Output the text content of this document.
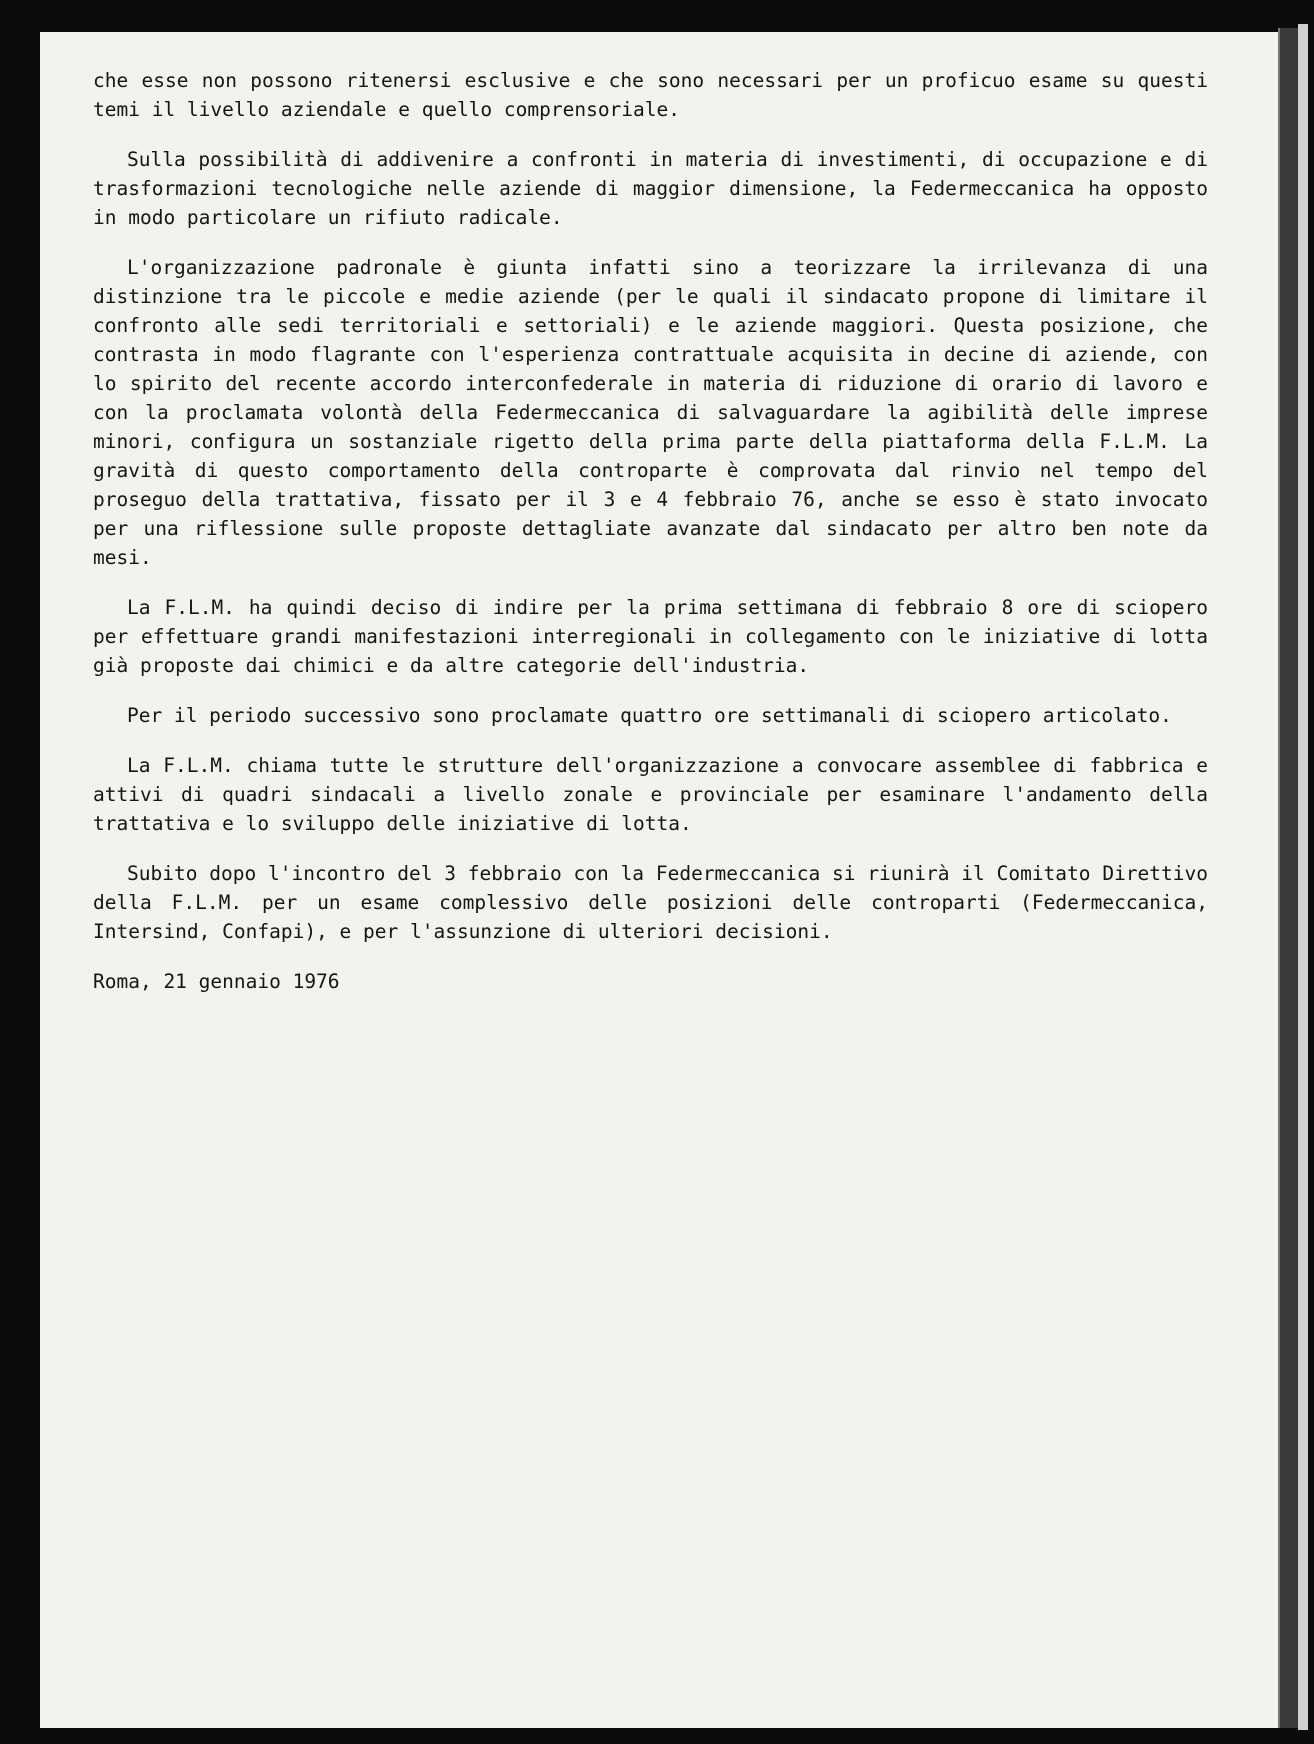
che esse non possono ritenersi esclusive e che sono necessari per un proficuo esame su questi temi il livello aziendale e quello comprensoriale.

Sulla possibilità di addivenire a confronti in materia di investimenti, di occupazione e di trasformazioni tecnologiche nelle aziende di maggior dimensione, la Federmeccanica ha opposto in modo particolare un rifiuto radicale.

L'organizzazione padronale è giunta infatti sino a teorizzare la irrilevanza di una distinzione tra le piccole e medie aziende (per le quali il sindacato propone di limitare il confronto alle sedi territoriali e settoriali) e le aziende maggiori. Questa posizione, che contrasta in modo flagrante con l'esperienza contrattuale acquisita in decine di aziende, con lo spirito del recente accordo interconfederale in materia di riduzione di orario di lavoro e con la proclamata volontà della Federmeccanica di salvaguardare la agibilità delle imprese minori, configura un sostanziale rigetto della prima parte della piattaforma della F.L.M. La gravità di questo comportamento della controparte è comprovata dal rinvio nel tempo del proseguo della trattativa, fissato per il 3 e 4 febbraio 76, anche se esso è stato invocato per una riflessione sulle proposte dettagliate avanzate dal sindacato per altro ben note da mesi.

La F.L.M. ha quindi deciso di indire per la prima settimana di febbraio 8 ore di sciopero per effettuare grandi manifestazioni interregionali in collegamento con le iniziative di lotta già proposte dai chimici e da altre categorie dell'industria.

Per il periodo successivo sono proclamate quattro ore settimanali di sciopero articolato.

La F.L.M. chiama tutte le strutture dell'organizzazione a convocare assemblee di fabbrica e attivi di quadri sindacali a livello zonale e provinciale per esaminare l'andamento della trattativa e lo sviluppo delle iniziative di lotta.

Subito dopo l'incontro del 3 febbraio con la Federmeccanica si riunirà il Comitato Direttivo della F.L.M. per un esame complessivo delle posizioni delle controparti (Federmeccanica, Intersind, Confapi), e per l'assunzione di ulteriori decisioni.

Roma, 21 gennaio 1976
